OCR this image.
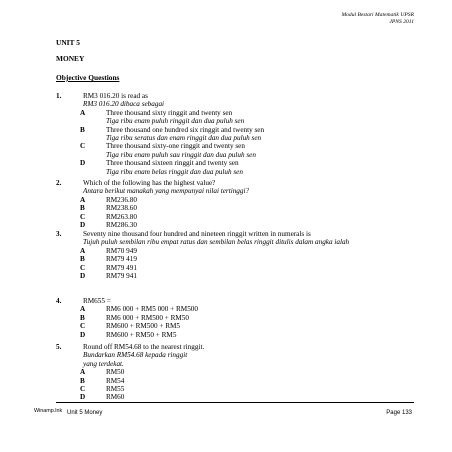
Modul Bestari Matematik UPSR
JPNS 2011
UNIT 5
MONEY
Objective Questions
1.	RM3 016.20 is read as
RM3 016.20 dibaca sebagai
A	Three thousand sixty ringgit and twenty sen
Tiga ribu enam puluh ringgit dan dua puluh sen
B	Three thousand one hundred six ringgit and twenty sen
Tiga ribu seratus dan enam ringgit dan dua puluh sen
C	Three thousand sixty-one ringgit and twenty sen
Tiga ribu enam puluh sau ringgit dan dua puluh sen
D	Three thousand sixteen ringgit and twenty sen
Tiga ribu enam belas ringgit dan dua puluh sen
2.	Which of the following has the highest value?
Antara berikut manakah yang mempunyai nilai tertinggi?
A	RM236.80
B	RM238.60
C	RM263.80
D	RM286.30
3.	Seventy nine thousand four hundred and nineteen ringgit written in numerals is
Tujuh puluh sembilan ribu empat ratus dan sembilan belas ringgit ditulis dalam angka ialah
A	RM70 949
B	RM79 419
C	RM79 491
D	RM79 941
4.	RM655 =
A	RM6 000 + RM5 000 + RM500
B	RM6 000 + RM500 + RM50
C	RM600 + RM500 + RM5
D	RM600 + RM50 + RM5
5.	Round off RM54.68 to the nearest ringgit.
Bundarkan RM54.68 kepada ringgit
yang terdekat.
A	RM50
B	RM54
C	RM55
D	RM60
Winamp.lnk Unit 5 Money	Page 133
